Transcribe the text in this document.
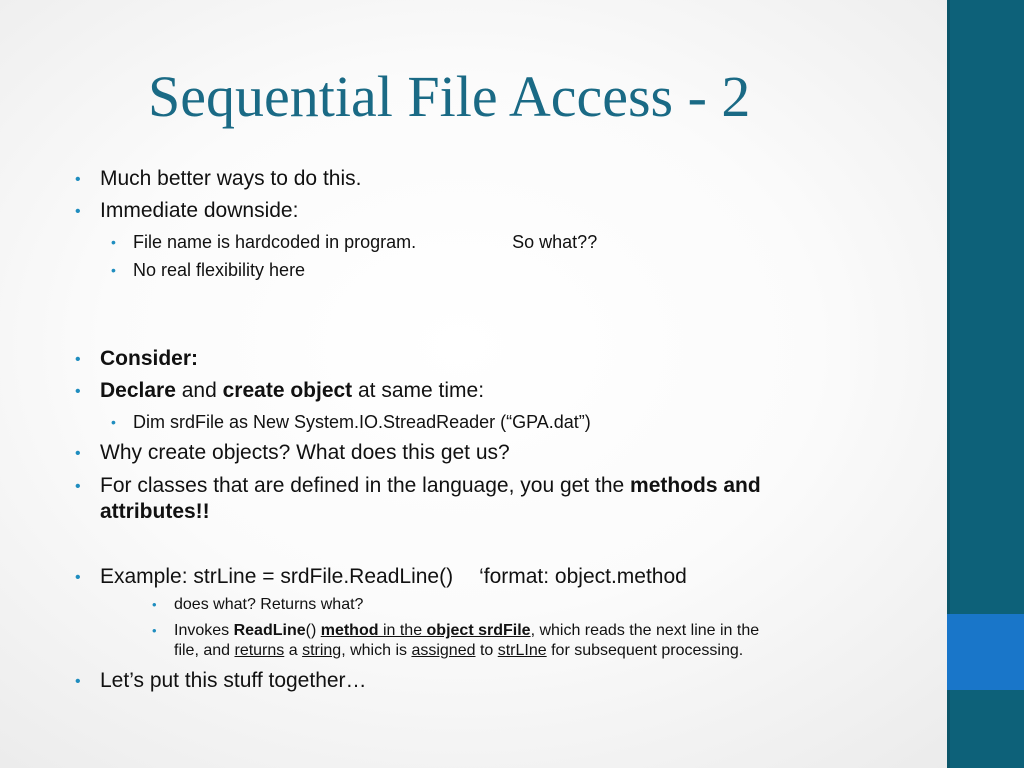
Sequential File Access - 2
• Much better ways to do this.
• Immediate downside:
• File name is hardcoded in program.	So what??
• No real flexibility here
• Consider:
• Declare and create object at same time:
• Dim srdFile as New System.IO.StreadReader (“GPA.dat”)
• Why create objects? What does this get us?
• For classes that are defined in the language, you get the methods and
attributes!!
• Example: strLine = srdFile.ReadLine() ‘format: object.method
• does what? Returns what?
• Invokes ReadLine() method in the object srdFile, which reads the next line in the
file, and returns a string, which is assigned to strLIne for subsequent processing.
• Let’s put this stuff together…
